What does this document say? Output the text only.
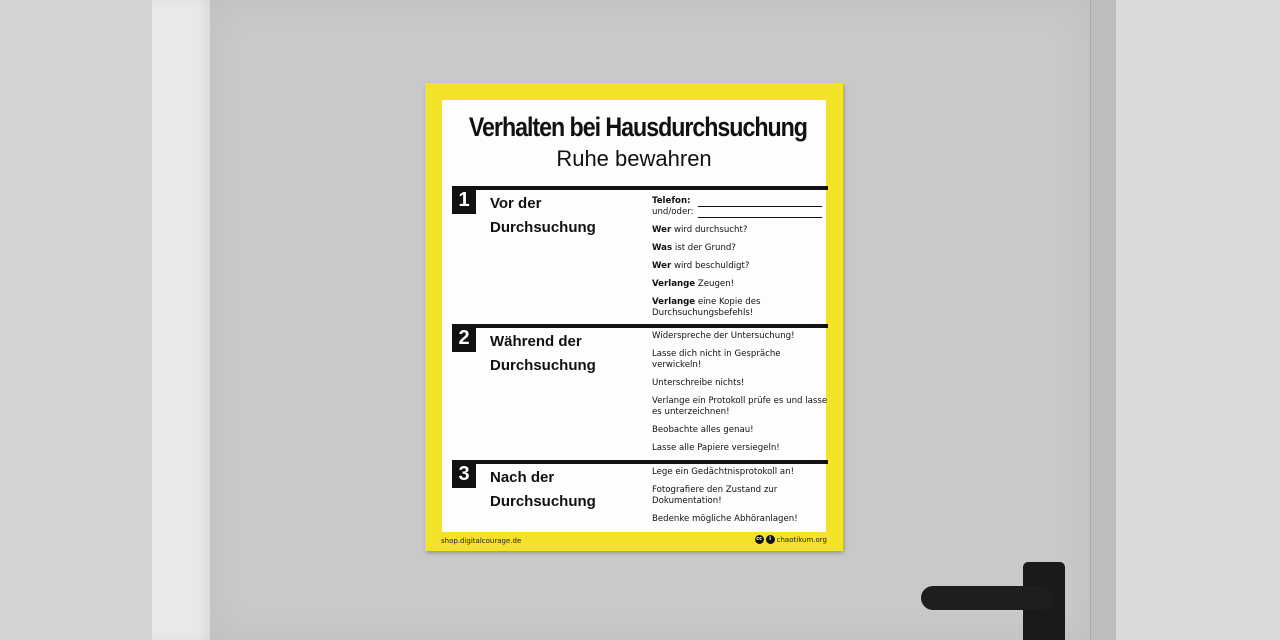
Verhalten bei Hausdurchsuchung
Ruhe bewahren
1	Vor der
Durchsuchung
Telefon:
und/oder:
Wer wird durchsucht?
Was ist der Grund?
Wer wird beschuldigt?
Verlange Zeugen!
Verlange eine Kopie des Durchsuchungsbefehls!
2	Während der
Durchsuchung
Widerspreche der Untersuchung!
Lasse dich nicht in Gespräche verwickeln!
Unterschreibe nichts!
Verlange ein Protokoll prüfe es und lasse es unterzeichnen!
Beobachte alles genau!
Lasse alle Papiere versiegeln!
3	Nach der
Durchsuchung
Lege ein Gedächtnisprotokoll an!
Fotografiere den Zustand zur Dokumentation!
Bedenke mögliche Abhöranlagen!
shop.digitalcourage.de	cc	i chaotikum.org
